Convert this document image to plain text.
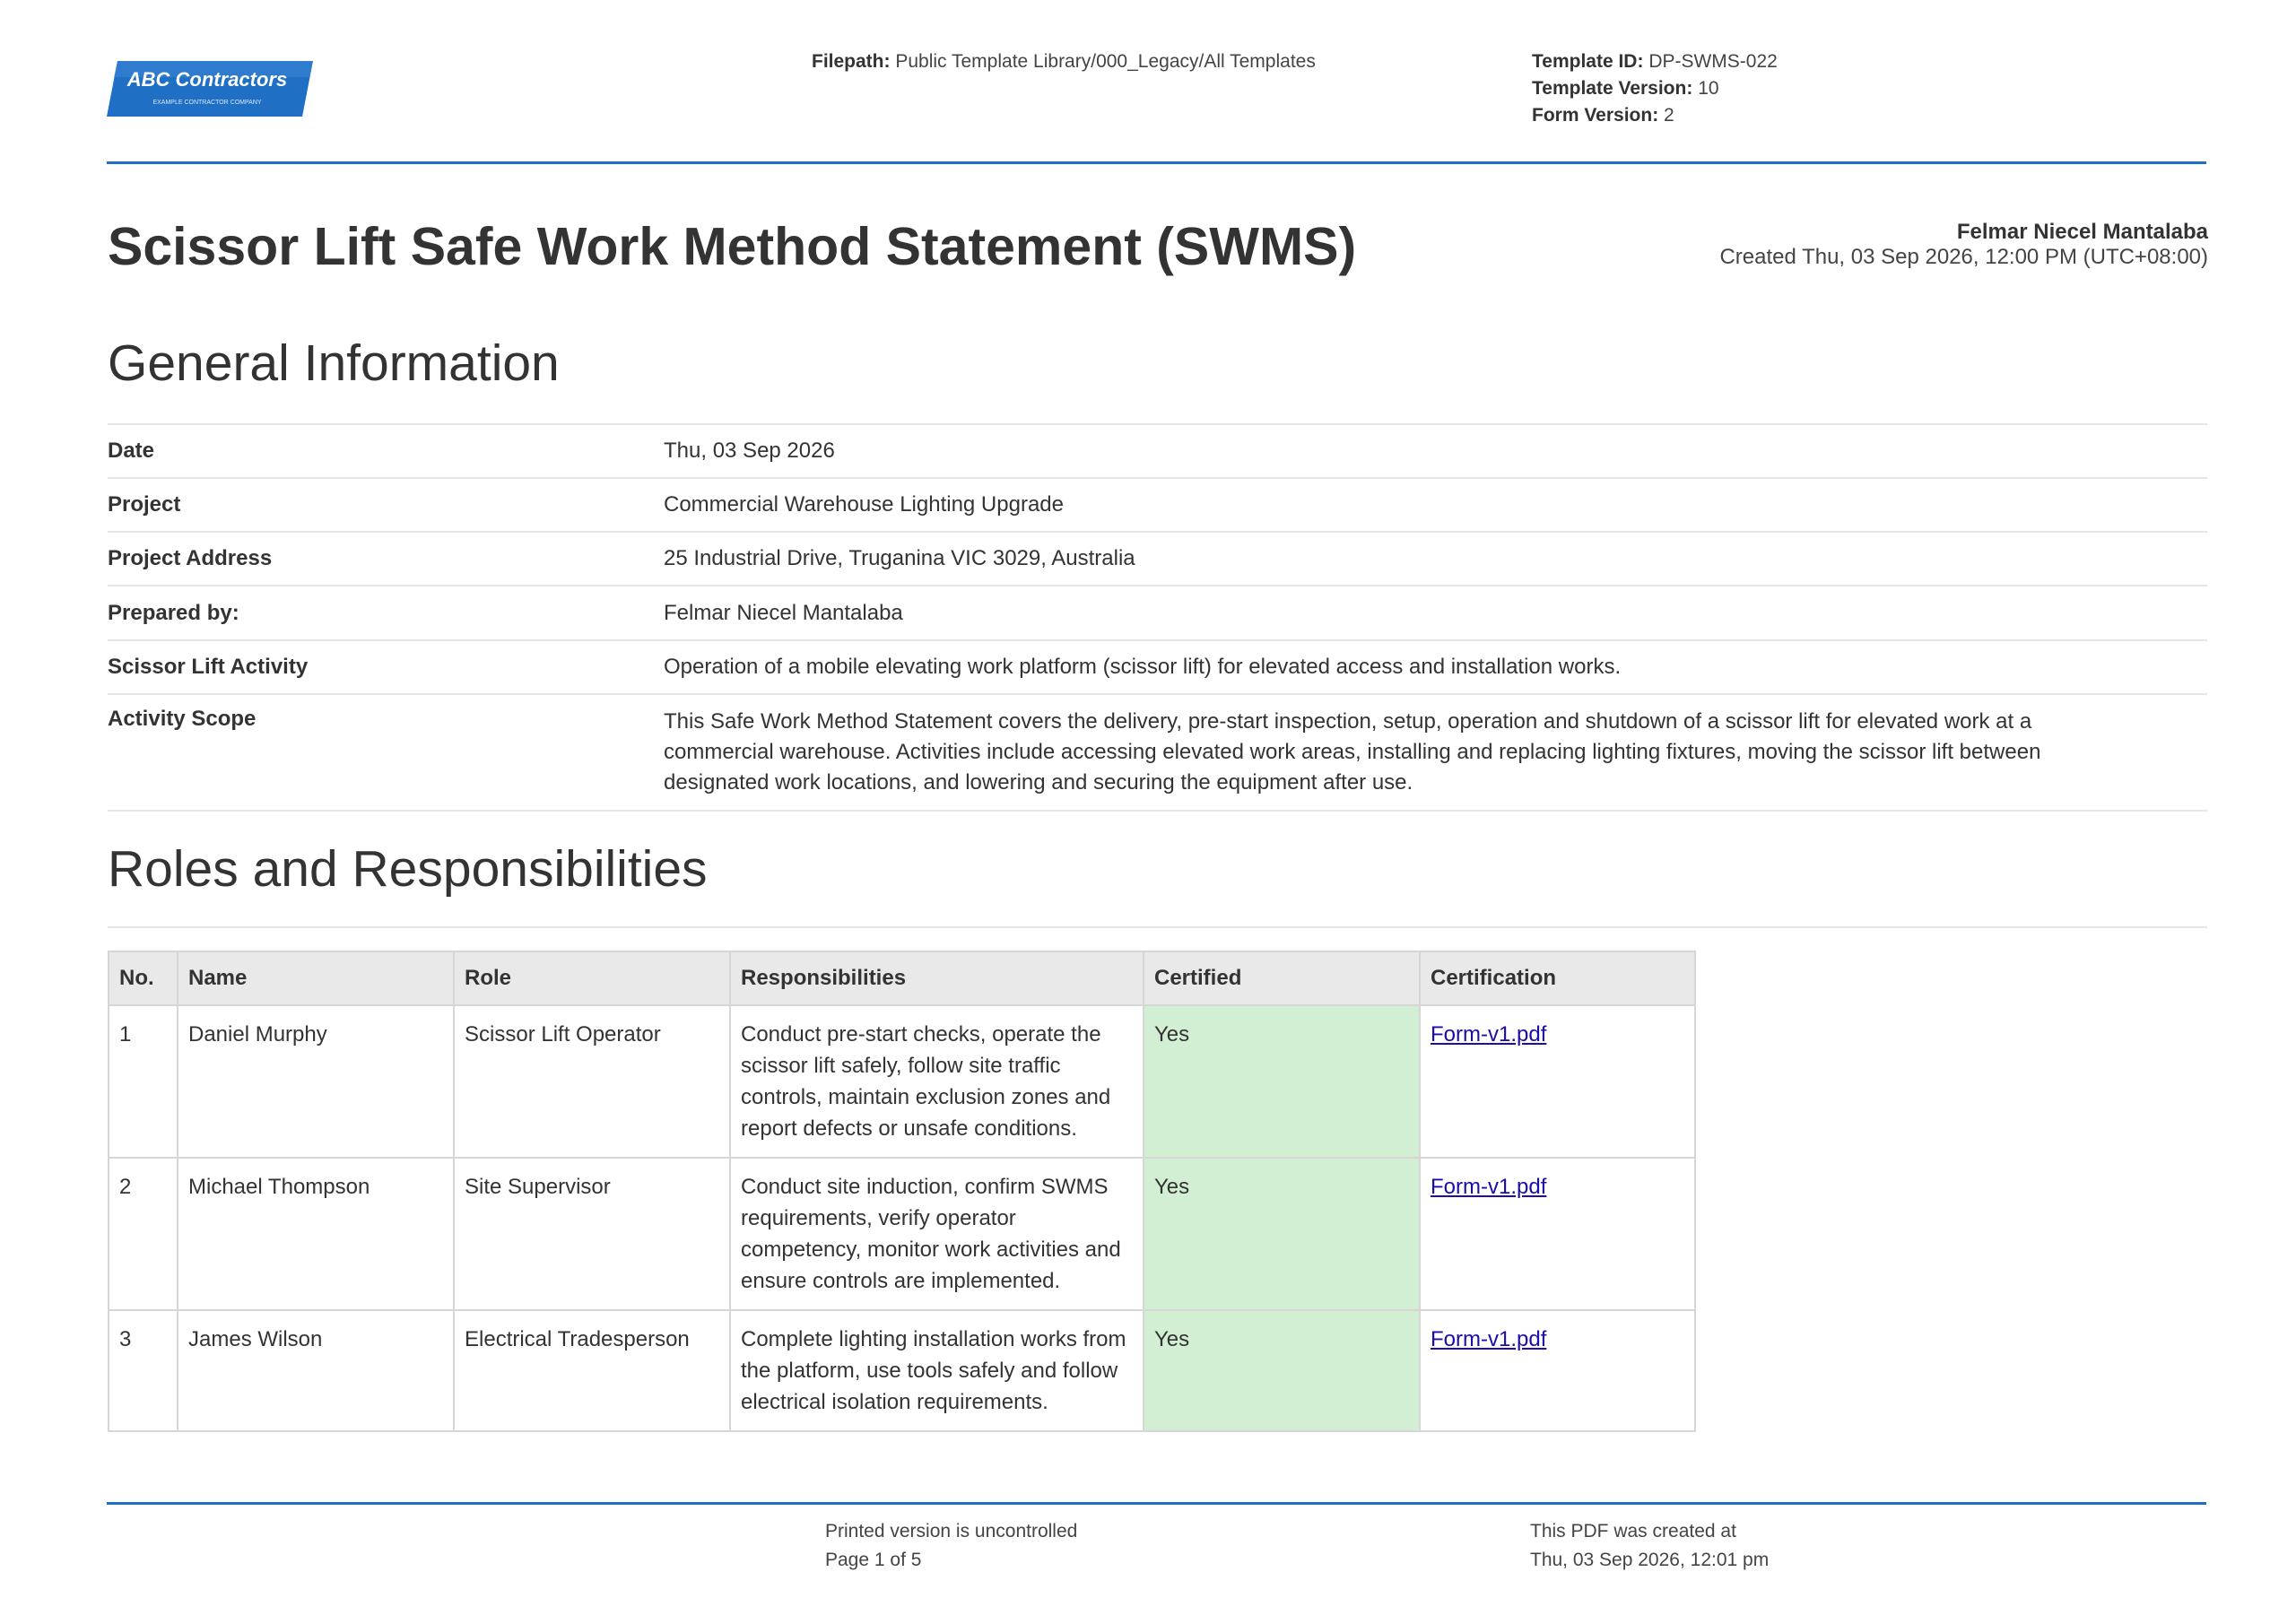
ABC Contractors
EXAMPLE CONTRACTOR COMPANY
Filepath: Public Template Library/000_Legacy/All Templates	Template ID: DP-SWMS-022
Template Version: 10
Form Version: 2
Scissor Lift Safe Work Method Statement (SWMS)	Felmar Niecel Mantalaba
Created Thu, 03 Sep 2026, 12:00 PM (UTC+08:00)
General Information
Date	Thu, 03 Sep 2026
Project	Commercial Warehouse Lighting Upgrade
Project Address	25 Industrial Drive, Truganina VIC 3029, Australia
Prepared by:	Felmar Niecel Mantalaba
Scissor Lift Activity	Operation of a mobile elevating work platform (scissor lift) for elevated access and installation works.
Activity Scope	This Safe Work Method Statement covers the delivery, pre-start inspection, setup, operation and shutdown of a scissor lift for elevated work at a commercial warehouse. Activities include accessing elevated work areas, installing and replacing lighting fixtures, moving the scissor lift between designated work locations, and lowering and securing the equipment after use.
Roles and Responsibilities
No.	Name	Role	Responsibilities	Certified	Certification
1	Daniel Murphy	Scissor Lift Operator	Conduct pre-start checks, operate the scissor lift safely, follow site traffic controls, maintain exclusion zones and report defects or unsafe conditions.	Yes	Form-v1.pdf
2	Michael Thompson	Site Supervisor	Conduct site induction, confirm SWMS requirements, verify operator competency, monitor work activities and ensure controls are implemented.	Yes	Form-v1.pdf
3	James Wilson	Electrical Tradesperson	Complete lighting installation works from the platform, use tools safely and follow electrical isolation requirements.	Yes	Form-v1.pdf
Printed version is uncontrolled
Page 1 of 5
This PDF was created at
Thu, 03 Sep 2026, 12:01 pm
